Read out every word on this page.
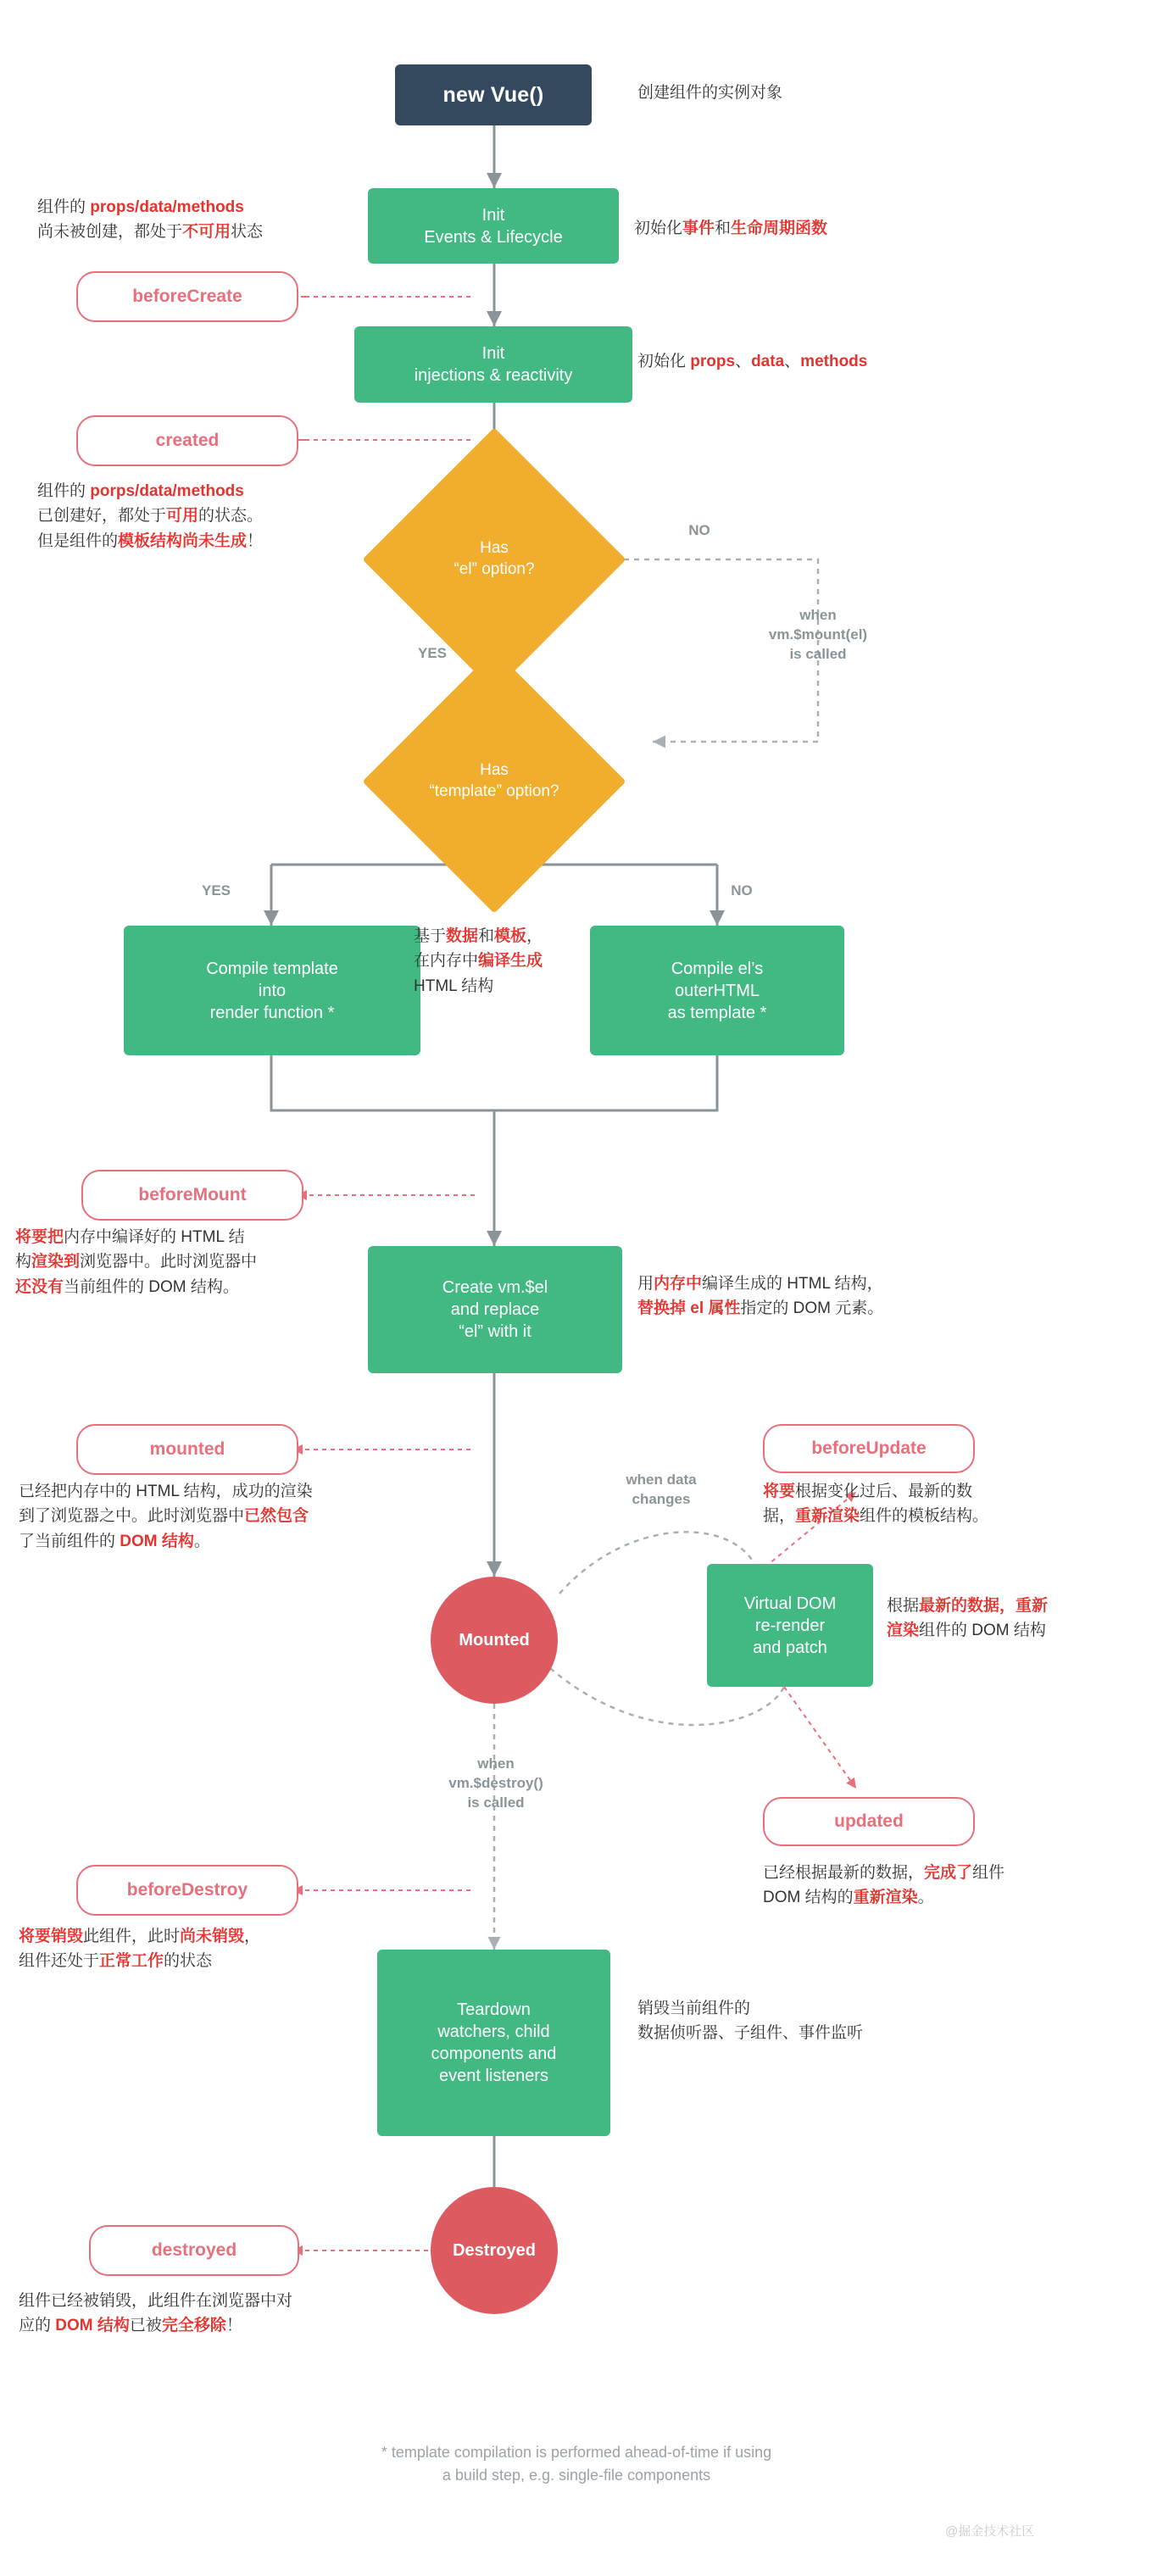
new Vue()
Init
Events & Lifecycle
Init
injections & reactivity
Has
“el” option?
Has
“template” option?
Compile template
into
render function *
Compile el’s
outerHTML
as template *
Create vm.$el
and replace
“el” with it
Mounted
Virtual DOM
re-render
and patch
Teardown
watchers, child
components and
event listeners
Destroyed
beforeCreate
created
beforeMount
mounted	beforeUpdate
updated
beforeDestroy
destroyed
NO
YES
when
vm.$mount(el)
is called
YES	NO
when data
changes
when
vm.$destroy()
is called
创建组件的实例对象
初始化事件和生命周期函数
组件的 props/data/methods
尚未被创建，都处于不可用状态
初始化 props、data、methods
组件的 porps/data/methods
已创建好，都处于可用的状态。
但是组件的模板结构尚未生成！
基于数据和模板，
在内存中编译生成
HTML 结构
将要把内存中编译好的 HTML 结
构渲染到浏览器中。此时浏览器中
还没有当前组件的 DOM 结构。	用内存中编译生成的 HTML 结构，
替换掉 el 属性指定的 DOM 元素。
已经把内存中的 HTML 结构，成功的渲染
到了浏览器之中。此时浏览器中已然包含
了当前组件的 DOM 结构。
将要根据变化过后、最新的数
据，重新渲染组件的模板结构。
根据最新的数据，重新
渲染组件的 DOM 结构
已经根据最新的数据，完成了组件
DOM 结构的重新渲染。
将要销毁此组件，此时尚未销毁，
组件还处于正常工作的状态
销毁当前组件的
数据侦听器、子组件、事件监听
组件已经被销毁，此组件在浏览器中对
应的 DOM 结构已被完全移除！
* template compilation is performed ahead-of-time if using
a build step, e.g. single-file components
@掘金技术社区
